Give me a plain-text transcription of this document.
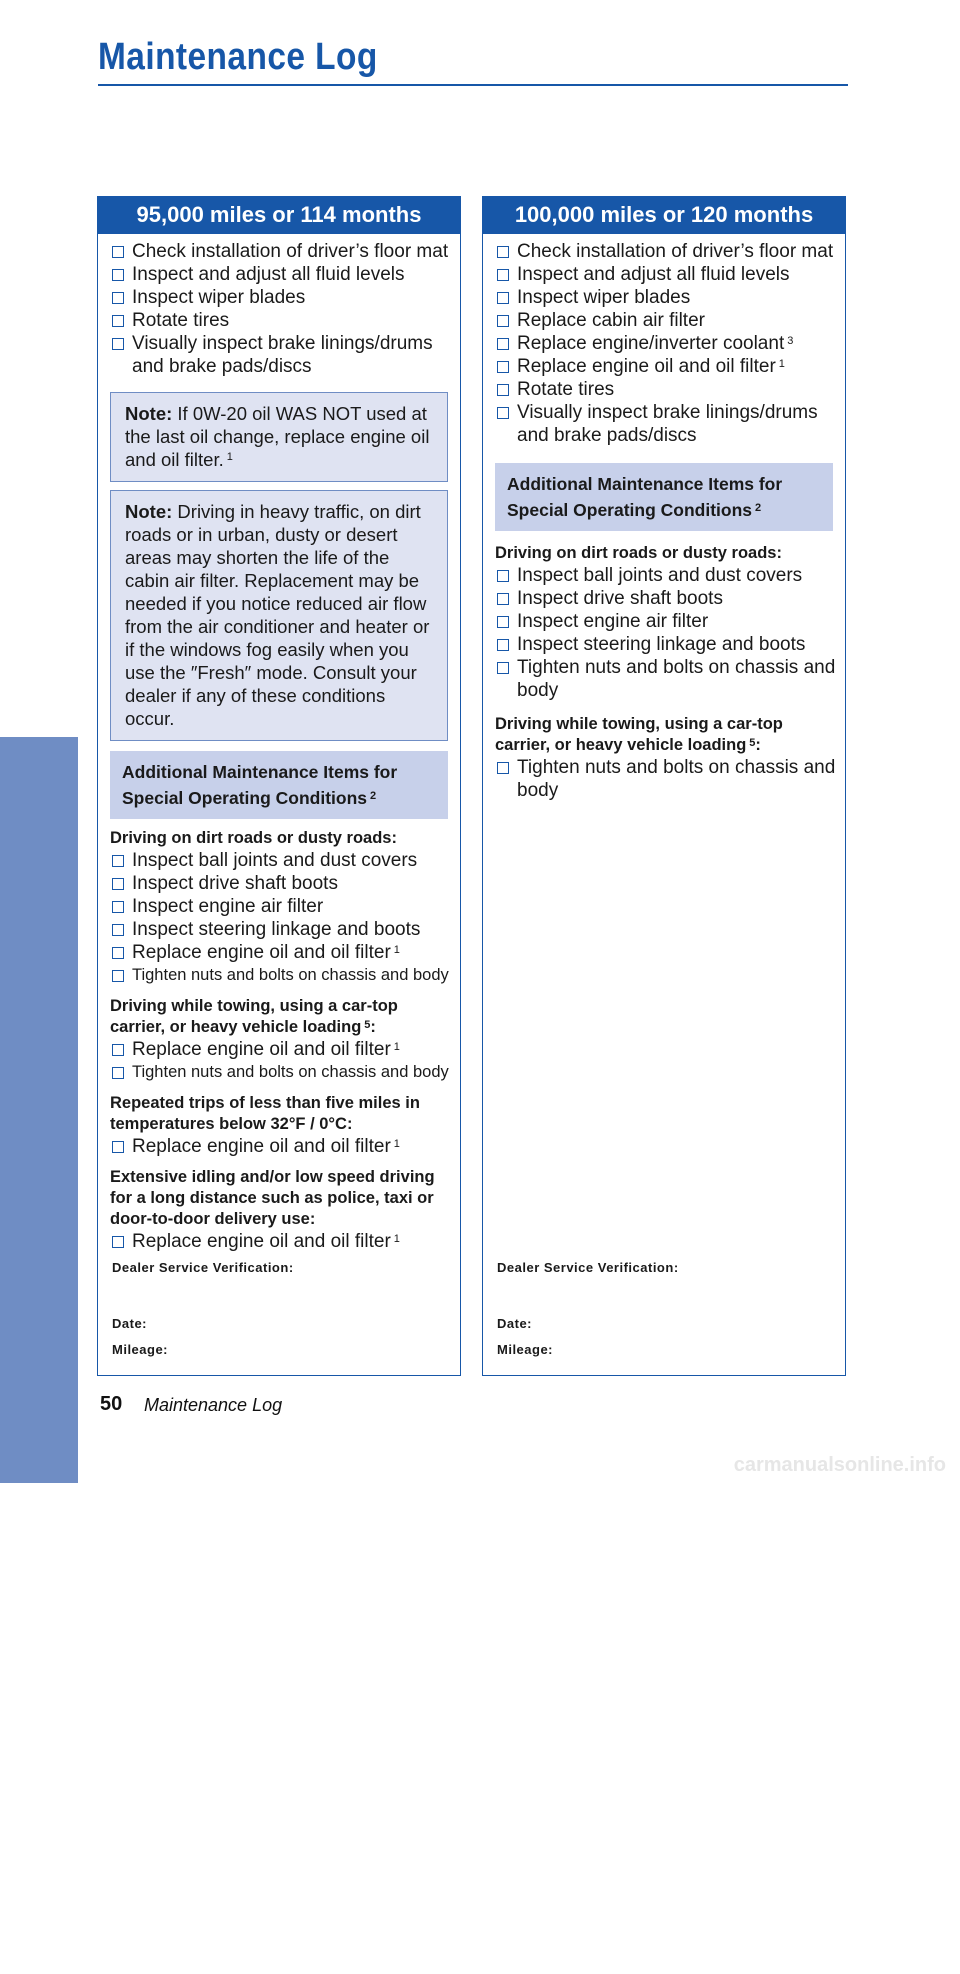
Maintenance Log
95,000 miles or 114 months
Check installation of driver’s floor mat
Inspect and adjust all fluid levels
Inspect wiper blades
Rotate tires
Visually inspect brake linings/drums and brake pads/discs
Note: If 0W-20 oil WAS NOT used at the last oil change, replace engine oil and oil filter. $^1$
Note: Driving in heavy traffic, on dirt roads or in urban, dusty or desert areas may shorten the life of the cabin air filter. Replacement may be needed if you notice reduced air flow from the air conditioner and heater or if the windows fog easily when you use the ″Fresh″ mode. Consult your dealer if any of these conditions occur.
Additional Maintenance Items for Special Operating Conditions $^2$
Driving on dirt roads or dusty roads:
Inspect ball joints and dust covers
Inspect drive shaft boots
Inspect engine air filter
Inspect steering linkage and boots
Replace engine oil and oil filter $^1$
Tighten nuts and bolts on chassis and body
Driving while towing, using a car-top carrier, or heavy vehicle loading $^5$:
Replace engine oil and oil filter $^1$
Tighten nuts and bolts on chassis and body
Repeated trips of less than five miles in temperatures below 32°F / 0°C:
Replace engine oil and oil filter $^1$
Extensive idling and/or low speed driving for a long distance such as police, taxi or door-to-door delivery use:
Replace engine oil and oil filter $^1$
Dealer Service Verification:
Date:
Mileage:
100,000 miles or 120 months
Check installation of driver’s floor mat
Inspect and adjust all fluid levels
Inspect wiper blades
Replace cabin air filter
Replace engine/inverter coolant $^3$
Replace engine oil and oil filter $^1$
Rotate tires
Visually inspect brake linings/drums and brake pads/discs
Additional Maintenance Items for Special Operating Conditions $^2$
Driving on dirt roads or dusty roads:
Inspect ball joints and dust covers
Inspect drive shaft boots
Inspect engine air filter
Inspect steering linkage and boots
Tighten nuts and bolts on chassis and body
Driving while towing, using a car-top carrier, or heavy vehicle loading $^5$:
Tighten nuts and bolts on chassis and body
Dealer Service Verification:
Date:
Mileage:
50 Maintenance Log
MAINTENANCE
carmanualsonline.info
